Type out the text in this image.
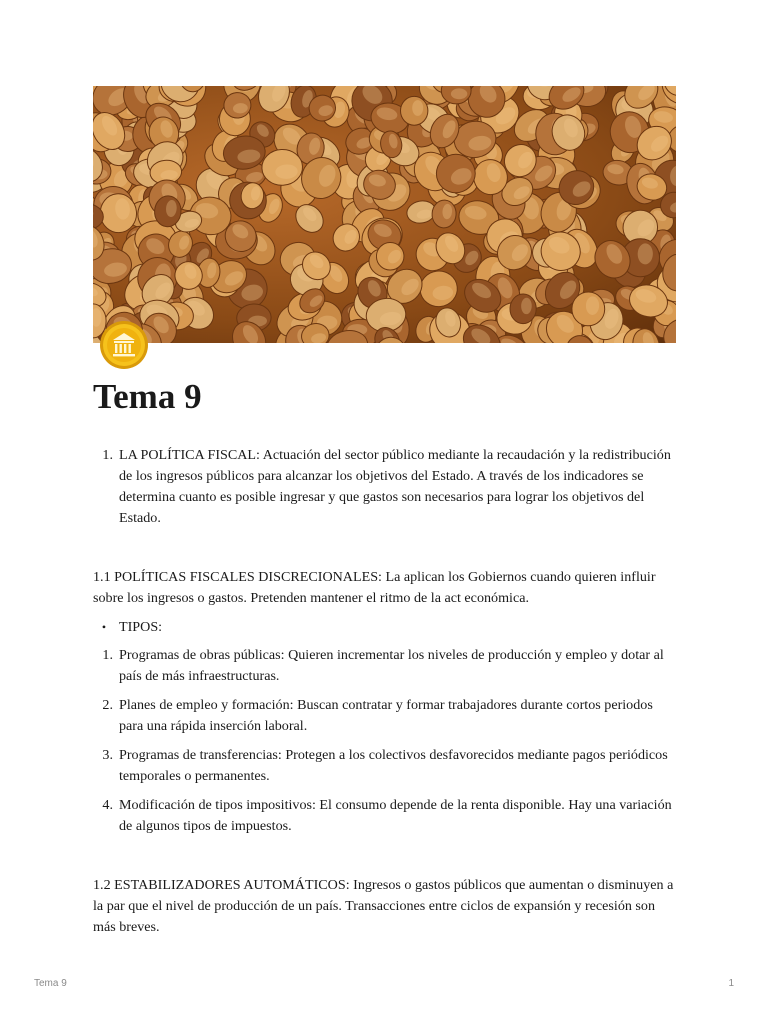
Tema 9
1. LA POLÍTICA FISCAL: Actuación del sector público mediante la recaudación y la redistribución de los ingresos públicos para alcanzar los objetivos del Estado. A través de los indicadores se determina cuanto es posible ingresar y que gastos son necesarios para lograr los objetivos del Estado.

1.1 POLÍTICAS FISCALES DISCRECIONALES: La aplican los Gobiernos cuando quieren influir sobre los ingresos o gastos. Pretenden mantener el ritmo de la act económica.

• TIPOS:
1. Programas de obras públicas: Quieren incrementar los niveles de producción y empleo y dotar al país de más infraestructuras.
2. Planes de empleo y formación: Buscan contratar y formar trabajadores durante cortos periodos para una rápida inserción laboral.
3. Programas de transferencias: Protegen a los colectivos desfavorecidos mediante pagos periódicos temporales o permanentes.
4. Modificación de tipos impositivos: El consumo depende de la renta disponible. Hay una variación de algunos tipos de impuestos.

1.2 ESTABILIZADORES AUTOMÁTICOS: Ingresos o gastos públicos que aumentan o disminuyen a la par que el nivel de producción de un país. Transacciones entre ciclos de expansión y recesión son más breves.

Tema 9	1
